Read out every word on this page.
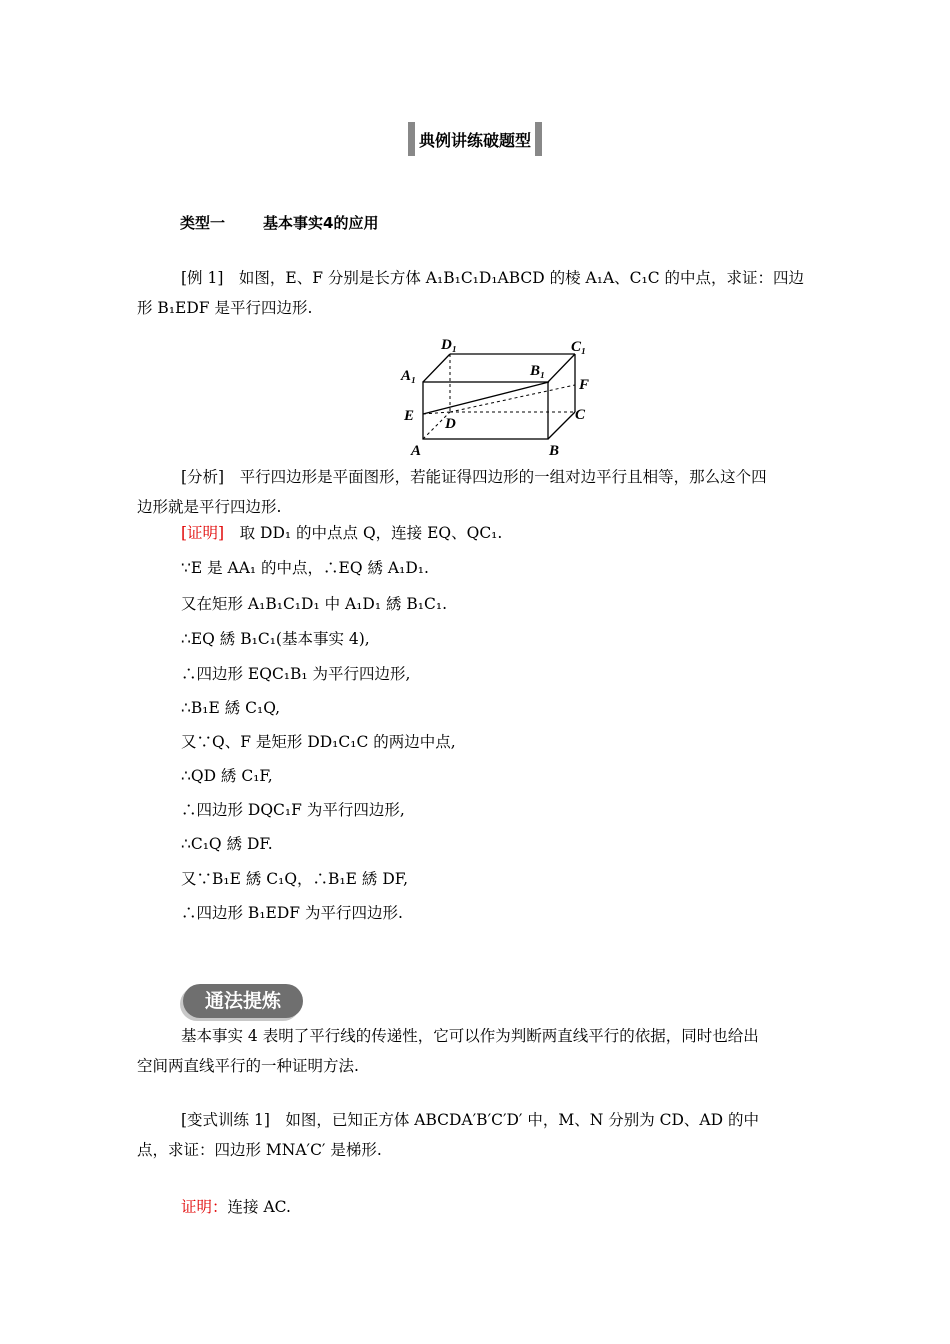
典例讲练破题型
类型一	基本事实4的应用
[例 1]　如图，E、F 分别是长方体 A₁B₁C₁D₁ABCD 的棱 A₁A、C₁C 的中点，求证：四边
形 B₁EDF 是平行四边形.
D₁	C₁
A₁	B₁
F
E D
C
A	B
[分析]　平行四边形是平面图形，若能证得四边形的一组对边平行且相等，那么这个四
边形就是平行四边形.
[证明]　取 DD₁ 的中点点 Q，连接 EQ、QC₁.
∵E 是 AA₁ 的中点，∴EQ 綉 A₁D₁.
又在矩形 A₁B₁C₁D₁ 中 A₁D₁ 綉 B₁C₁.
∴EQ 綉 B₁C₁(基本事实 4),
∴四边形 EQC₁B₁ 为平行四边形,
∴B₁E 綉 C₁Q,
又∵Q、F 是矩形 DD₁C₁C 的两边中点,
∴QD 綉 C₁F,
∴四边形 DQC₁F 为平行四边形,
∴C₁Q 綉 DF.
又∵B₁E 綉 C₁Q，∴B₁E 綉 DF,
∴四边形 B₁EDF 为平行四边形.
通法提炼
基本事实 4 表明了平行线的传递性，它可以作为判断两直线平行的依据，同时也给出
空间两直线平行的一种证明方法.
[变式训练 1]　如图，已知正方体 ABCDA′B′C′D′ 中，M、N 分别为 CD、AD 的中
点，求证：四边形 MNA′C′ 是梯形.
证明：连接 AC.
